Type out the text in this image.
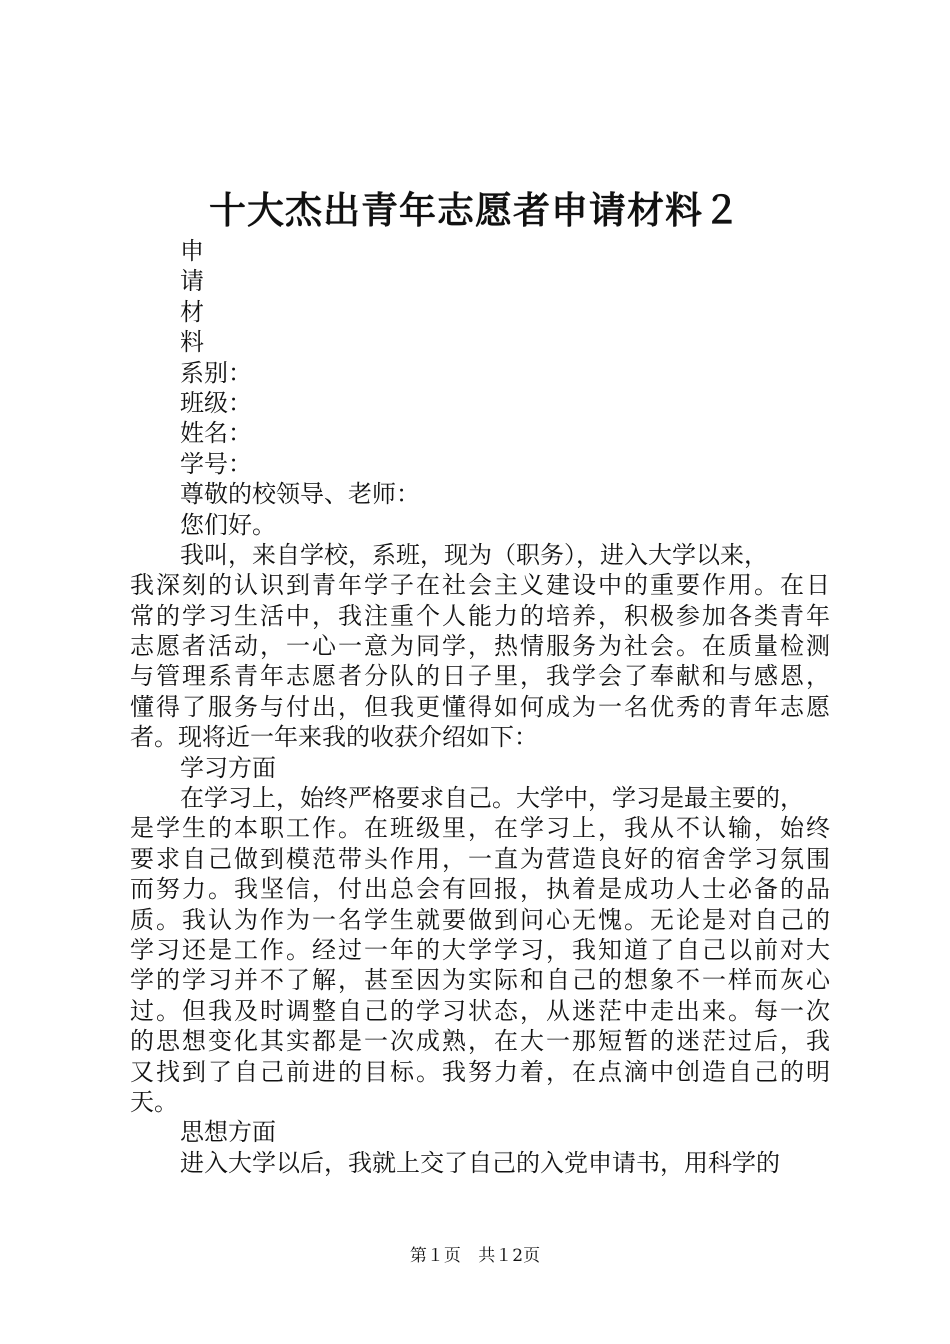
十大杰出青年志愿者申请材料２
申
请
材
料
系别：
班级：
姓名：
学号：
尊敬的校领导、老师：
您们好。
我叫，来自学校，系班，现为（职务），进入大学以来，
我深刻的认识到青年学子在社会主义建设中的重要作用。在日
常的学习生活中，我注重个人能力的培养，积极参加各类青年
志愿者活动，一心一意为同学，热情服务为社会。在质量检测
与管理系青年志愿者分队的日子里，我学会了奉献和与感恩，
懂得了服务与付出，但我更懂得如何成为一名优秀的青年志愿
者。现将近一年来我的收获介绍如下：
学习方面
在学习上，始终严格要求自己。大学中，学习是最主要的，
是学生的本职工作。在班级里，在学习上，我从不认输，始终
要求自己做到模范带头作用，一直为营造良好的宿舍学习氛围
而努力。我坚信，付出总会有回报，执着是成功人士必备的品
质。我认为作为一名学生就要做到问心无愧。无论是对自己的
学习还是工作。经过一年的大学学习，我知道了自己以前对大
学的学习并不了解，甚至因为实际和自己的想象不一样而灰心
过。但我及时调整自己的学习状态，从迷茫中走出来。每一次
的思想变化其实都是一次成熟，在大一那短暂的迷茫过后，我
又找到了自己前进的目标。我努力着，在点滴中创造自己的明
天。
思想方面
进入大学以后，我就上交了自己的入党申请书，用科学的
第１页 共１2页
